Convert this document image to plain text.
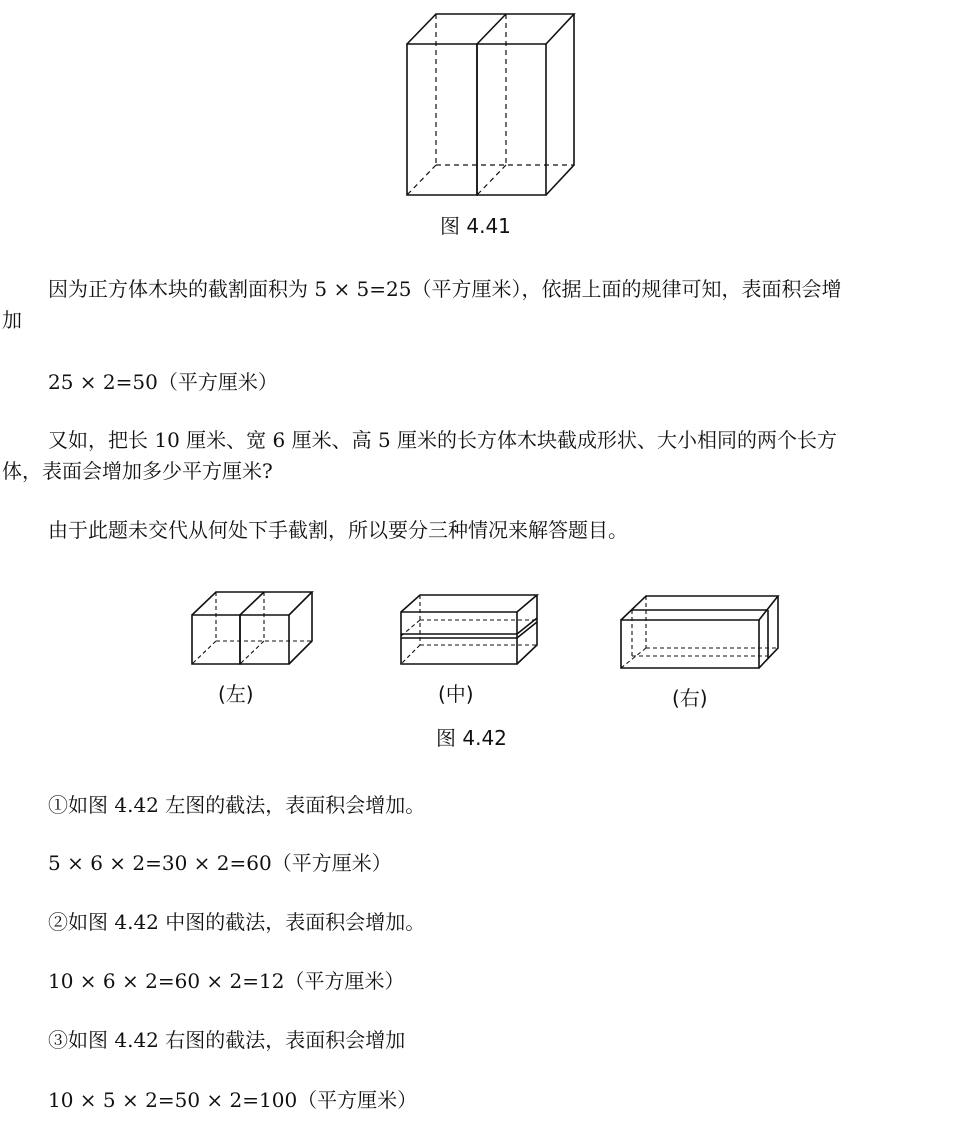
图 4.41
因为正方体木块的截割面积为 5 × 5=25（平方厘米），依据上面的规律可知，表面积会增
加
25 × 2=50（平方厘米）
又如，把长 10 厘米、宽 6 厘米、高 5 厘米的长方体木块截成形状、大小相同的两个长方
体，表面会增加多少平方厘米?
由于此题未交代从何处下手截割，所以要分三种情况来解答题目。
(左)	(中)	(右)
图 4.42
①如图 4.42 左图的截法，表面积会增加。
5 × 6 × 2=30 × 2=60（平方厘米）
②如图 4.42 中图的截法，表面积会增加。
10 × 6 × 2=60 × 2=12（平方厘米）
③如图 4.42 右图的截法，表面积会增加
10 × 5 × 2=50 × 2=100（平方厘米）
